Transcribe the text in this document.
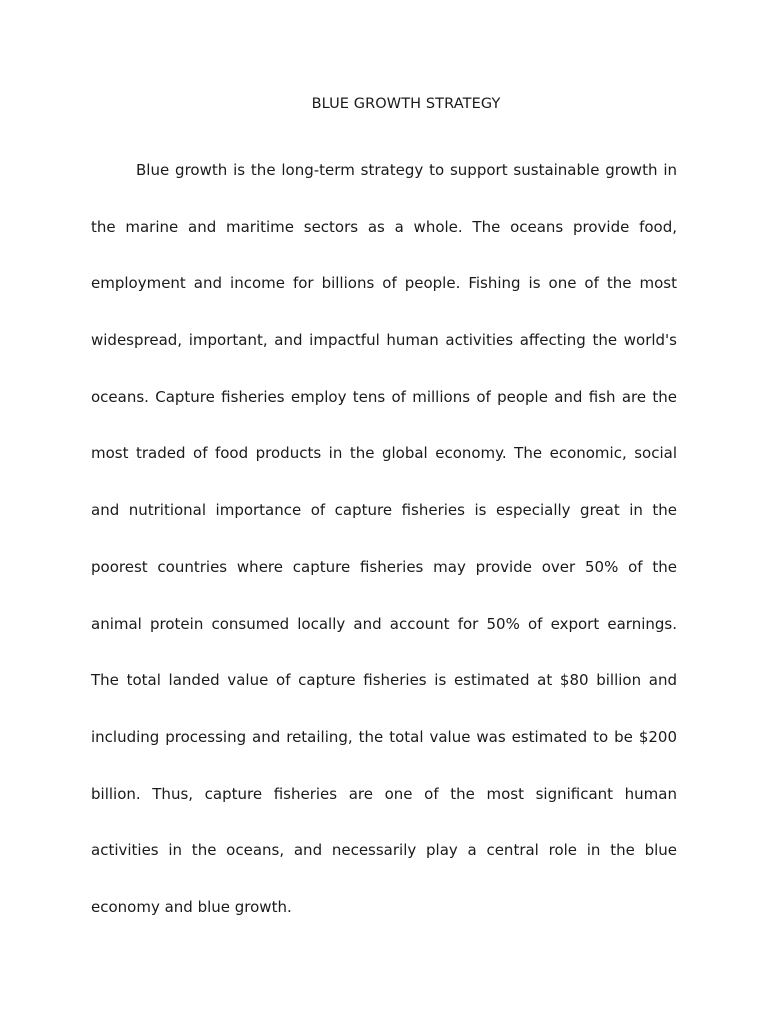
BLUE GROWTH STRATEGY
Blue growth is the long-term strategy to support sustainable growth in
the marine and maritime sectors as a whole. The oceans provide food,
employment and income for billions of people. Fishing is one of the most
widespread, important, and impactful human activities affecting the world's
oceans. Capture fisheries employ tens of millions of people and fish are the
most traded of food products in the global economy. The economic, social
and nutritional importance of capture fisheries is especially great in the
poorest countries where capture fisheries may provide over 50% of the
animal protein consumed locally and account for 50% of export earnings.
The total landed value of capture fisheries is estimated at $80 billion and
including processing and retailing, the total value was estimated to be $200
billion. Thus, capture fisheries are one of the most significant human
activities in the oceans, and necessarily play a central role in the blue
economy and blue growth.
